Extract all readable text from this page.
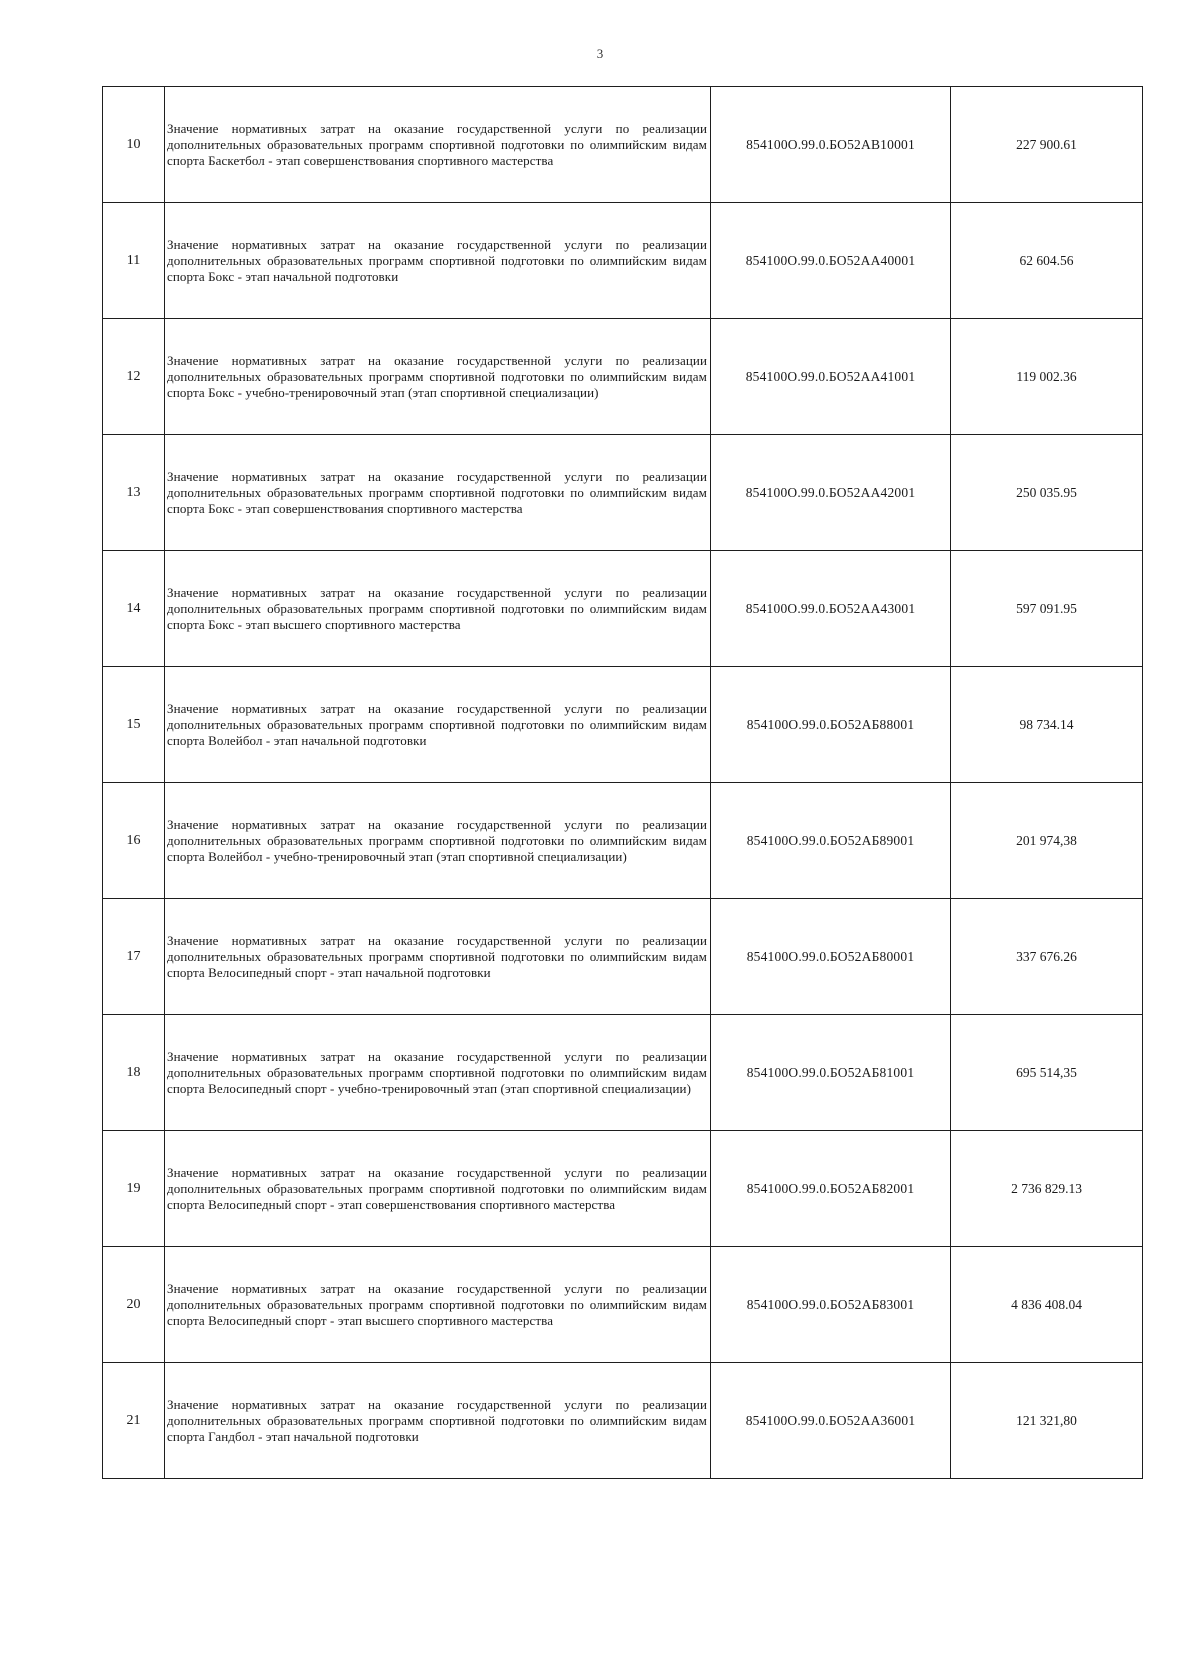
3
10	Значение нормативных затрат на оказание государственной услуги по реализации дополнительных образовательных программ спортивной подготовки по олимпийским видам спорта Баскетбол - этап совершенствования спортивного мастерства	854100О.99.0.БО52АВ10001	227 900.61
11	Значение нормативных затрат на оказание государственной услуги по реализации дополнительных образовательных программ спортивной подготовки по олимпийским видам спорта Бокс - этап начальной подготовки	854100О.99.0.БО52АА40001	62 604.56
12	Значение нормативных затрат на оказание государственной услуги по реализации дополнительных образовательных программ спортивной подготовки по олимпийским видам спорта Бокс - учебно-тренировочный этап (этап спортивной специализации)	854100О.99.0.БО52АА41001	119 002.36
13	Значение нормативных затрат на оказание государственной услуги по реализации дополнительных образовательных программ спортивной подготовки по олимпийским видам спорта Бокс - этап совершенствования спортивного мастерства	854100О.99.0.БО52АА42001	250 035.95
14	Значение нормативных затрат на оказание государственной услуги по реализации дополнительных образовательных программ спортивной подготовки по олимпийским видам спорта Бокс - этап высшего спортивного мастерства	854100О.99.0.БО52АА43001	597 091.95
15	Значение нормативных затрат на оказание государственной услуги по реализации дополнительных образовательных программ спортивной подготовки по олимпийским видам спорта Волейбол - этап начальной подготовки	854100О.99.0.БО52АБ88001	98 734.14
16	Значение нормативных затрат на оказание государственной услуги по реализации дополнительных образовательных программ спортивной подготовки по олимпийским видам спорта Волейбол - учебно-тренировочный этап (этап спортивной специализации)	854100О.99.0.БО52АБ89001	201 974,38
17	Значение нормативных затрат на оказание государственной услуги по реализации дополнительных образовательных программ спортивной подготовки по олимпийским видам спорта Велосипедный спорт - этап начальной подготовки	854100О.99.0.БО52АБ80001	337 676.26
18	Значение нормативных затрат на оказание государственной услуги по реализации дополнительных образовательных программ спортивной подготовки по олимпийским видам спорта Велосипедный спорт - учебно-тренировочный этап (этап спортивной специализации)	854100О.99.0.БО52АБ81001	695 514,35
19	Значение нормативных затрат на оказание государственной услуги по реализации дополнительных образовательных программ спортивной подготовки по олимпийским видам спорта Велосипедный спорт - этап совершенствования спортивного мастерства	854100О.99.0.БО52АБ82001	2 736 829.13
20	Значение нормативных затрат на оказание государственной услуги по реализации дополнительных образовательных программ спортивной подготовки по олимпийским видам спорта Велосипедный спорт - этап высшего спортивного мастерства	854100О.99.0.БО52АБ83001	4 836 408.04
21	Значение нормативных затрат на оказание государственной услуги по реализации дополнительных образовательных программ спортивной подготовки по олимпийским видам спорта Гандбол - этап начальной подготовки	854100О.99.0.БО52АА36001	121 321,80
